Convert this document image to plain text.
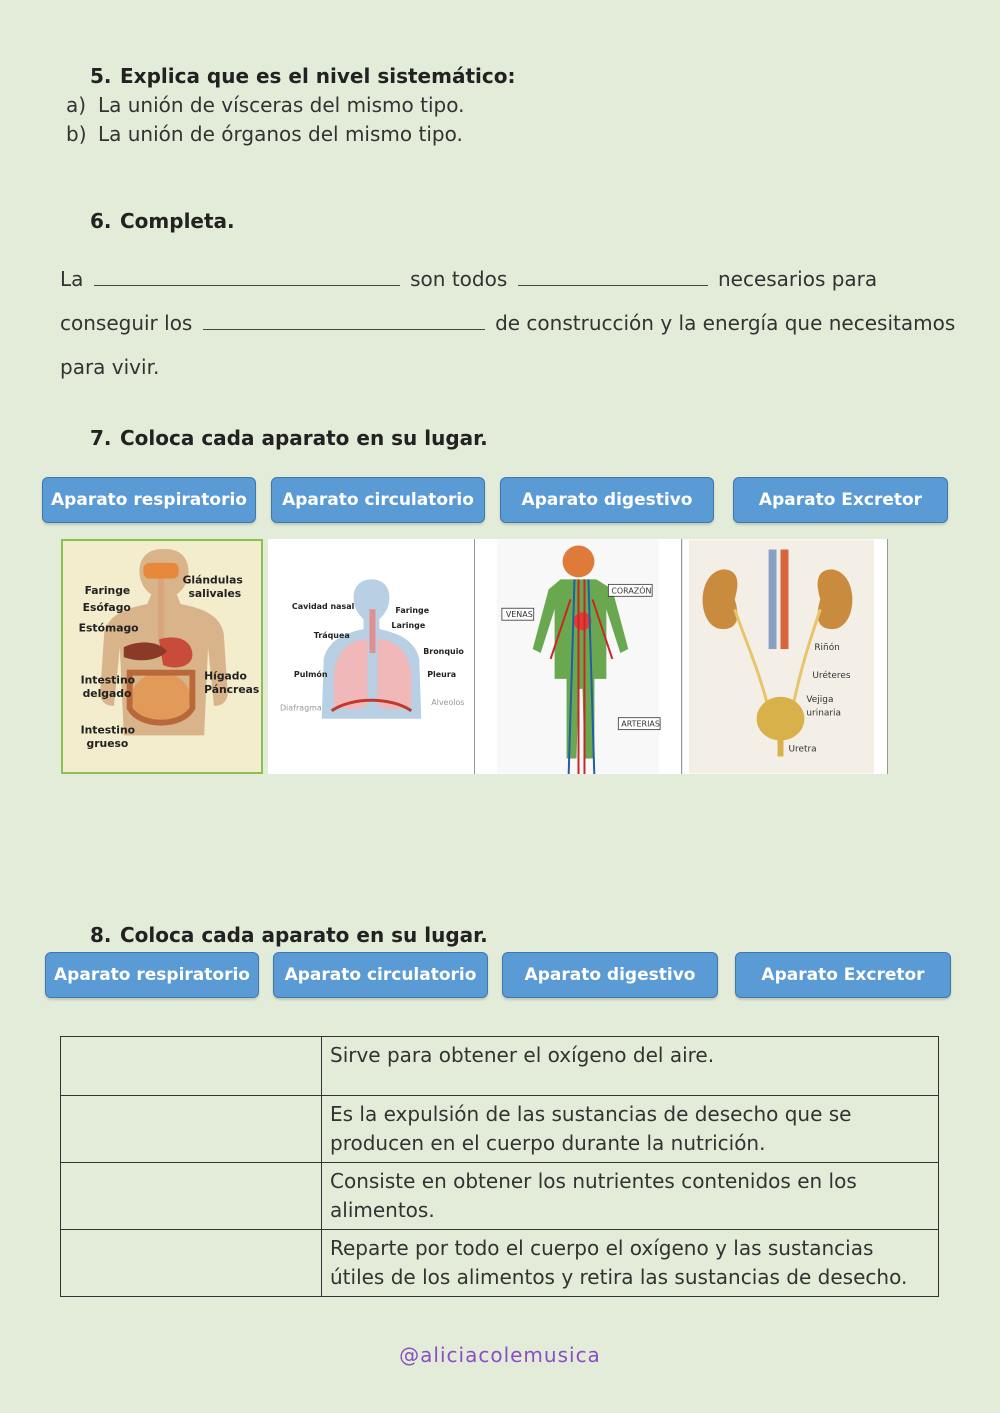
5. Explica que es el nivel sistemático:
a) La unión de vísceras del mismo tipo.
b) La unión de órganos del mismo tipo.
6. Completa.
La	son todos	necesarios para
conseguir los	de construcción y la energía que necesitamos
para vivir.
7. Coloca cada aparato en su lugar.
Aparato respiratorio	Aparato circulatorio	Aparato digestivo	Aparato Excretor
Glándulas
salivales
Faringe
Esófago
Estómago
Intestino
delgado
Intestino
grueso
Hígado
Páncreas
Cavidad nasal	Faringe
Laringe
Tráquea
Bronquio
Pulmón	Pleura
Alveolos
Diafragma
CORAZÓN
VENAS
ARTERIAS
Riñón
Uréteres
Vejiga
urinaria
Uretra
8. Coloca cada aparato en su lugar.
Aparato respiratorio	Aparato circulatorio	Aparato digestivo	Aparato Excretor
	Sirve para obtener el oxígeno del aire.
	Es la expulsión de las sustancias de desecho que se producen en el cuerpo durante la nutrición.
	Consiste en obtener los nutrientes contenidos en los alimentos.
	Reparte por todo el cuerpo el oxígeno y las sustancias útiles de los alimentos y retira las sustancias de desecho.
@aliciacolemusica
